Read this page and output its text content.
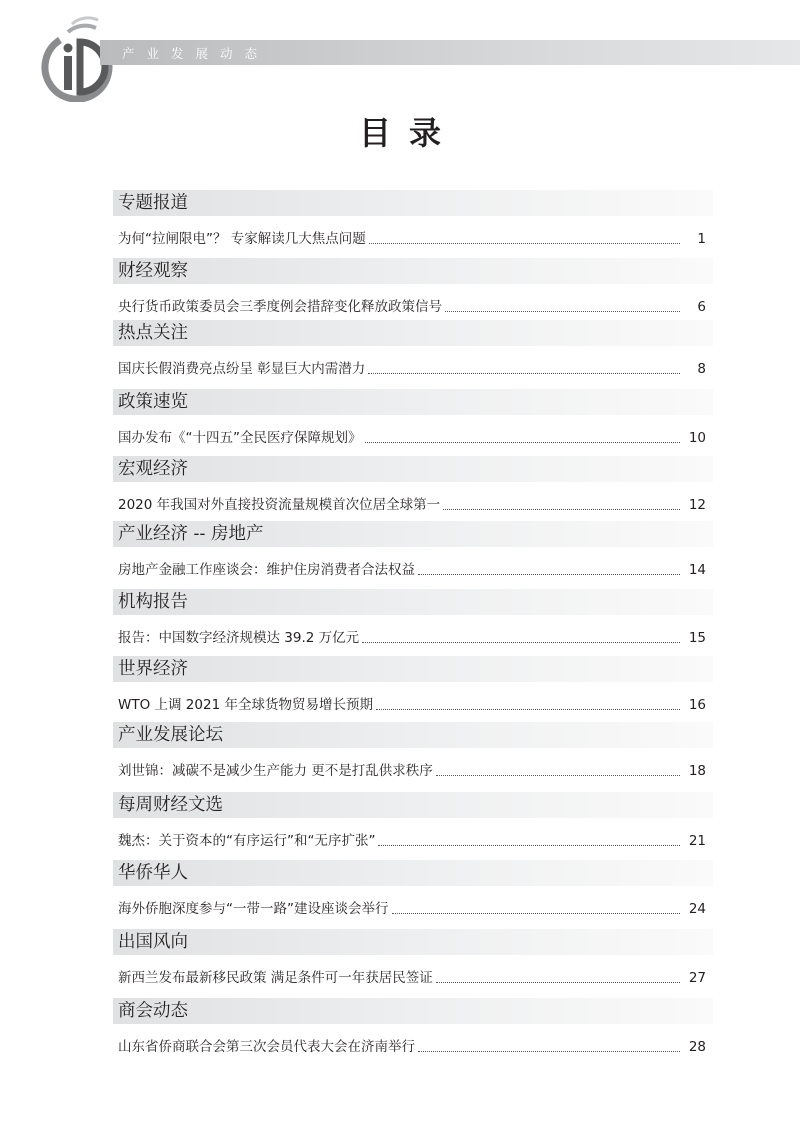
产业发展动态
目录
专题报道
为何“拉闸限电”？ 专家解读几大焦点问题	1
财经观察
央行货币政策委员会三季度例会措辞变化释放政策信号	6
热点关注
国庆长假消费亮点纷呈 彰显巨大内需潜力	8
政策速览
国办发布《“十四五”全民医疗保障规划》	10
宏观经济
2020 年我国对外直接投资流量规模首次位居全球第一	12
产业经济 -- 房地产
房地产金融工作座谈会：维护住房消费者合法权益	14
机构报告
报告：中国数字经济规模达 39.2 万亿元	15
世界经济
WTO 上调 2021 年全球货物贸易增长预期	16
产业发展论坛
刘世锦：减碳不是减少生产能力 更不是打乱供求秩序	18
每周财经文选
魏杰：关于资本的“有序运行”和“无序扩张”	21
华侨华人
海外侨胞深度参与“一带一路”建设座谈会举行	24
出国风向
新西兰发布最新移民政策 满足条件可一年获居民签证	27
商会动态
山东省侨商联合会第三次会员代表大会在济南举行	28
